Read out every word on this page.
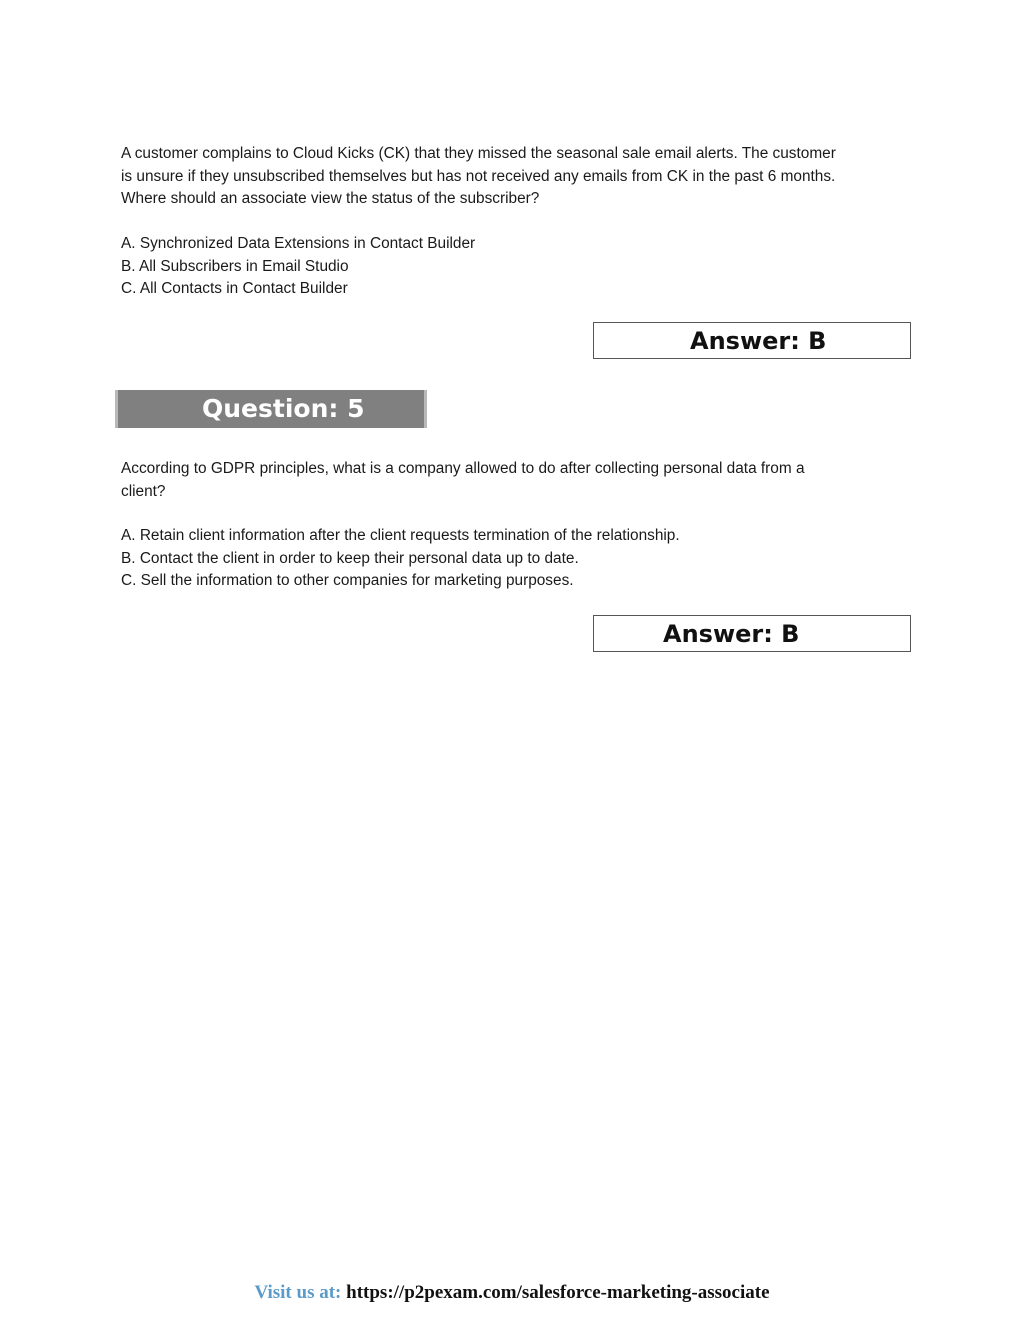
A customer complains to Cloud Kicks (CK) that they missed the seasonal sale email alerts. The customer
is unsure if they unsubscribed themselves but has not received any emails from CK in the past 6 months.
Where should an associate view the status of the subscriber?
A. Synchronized Data Extensions in Contact Builder
B. All Subscribers in Email Studio
C. All Contacts in Contact Builder
Answer: B
Question: 5
According to GDPR principles, what is a company allowed to do after collecting personal data from a
client?
A. Retain client information after the client requests termination of the relationship.
B. Contact the client in order to keep their personal data up to date.
C. Sell the information to other companies for marketing purposes.
Answer: B
Visit us at: https://p2pexam.com/salesforce-marketing-associate
